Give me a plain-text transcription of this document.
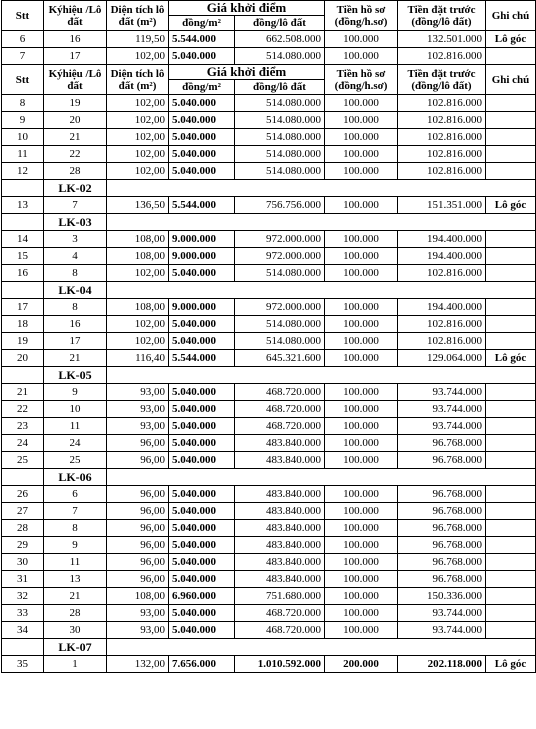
Stt	Kýhiệu /Lô đất	Diện tích lô đất (m²)	Giá khởi điểm		Tiền hồ sơ (đồng/h.sơ)	Tiền đặt trước (đồng/lô đất)	Ghi chú
			đồng/m²	đồng/lô đất			
6	16	119,50	5.544.000	662.508.000	100.000	132.501.000	Lô góc
7	17	102,00	5.040.000	514.080.000	100.000	102.816.000	
Stt	Kýhiệu /Lô đất	Diện tích lô đất (m²)	Giá khởi điểm		Tiền hồ sơ (đồng/h.sơ)	Tiền đặt trước (đồng/lô đất)	Ghi chú
			đồng/m²	đồng/lô đất			
8	19	102,00	5.040.000	514.080.000	100.000	102.816.000	
9	20	102,00	5.040.000	514.080.000	100.000	102.816.000	
10	21	102,00	5.040.000	514.080.000	100.000	102.816.000	
11	22	102,00	5.040.000	514.080.000	100.000	102.816.000	
12	28	102,00	5.040.000	514.080.000	100.000	102.816.000	
	LK-02						
13	7	136,50	5.544.000	756.756.000	100.000	151.351.000	Lô góc
	LK-03						
14	3	108,00	9.000.000	972.000.000	100.000	194.400.000	
15	4	108,00	9.000.000	972.000.000	100.000	194.400.000	
16	8	102,00	5.040.000	514.080.000	100.000	102.816.000	
	LK-04						
17	8	108,00	9.000.000	972.000.000	100.000	194.400.000	
18	16	102,00	5.040.000	514.080.000	100.000	102.816.000	
19	17	102,00	5.040.000	514.080.000	100.000	102.816.000	
20	21	116,40	5.544.000	645.321.600	100.000	129.064.000	Lô góc
	LK-05						
21	9	93,00	5.040.000	468.720.000	100.000	93.744.000	
22	10	93,00	5.040.000	468.720.000	100.000	93.744.000	
23	11	93,00	5.040.000	468.720.000	100.000	93.744.000	
24	24	96,00	5.040.000	483.840.000	100.000	96.768.000	
25	25	96,00	5.040.000	483.840.000	100.000	96.768.000	
	LK-06						
26	6	96,00	5.040.000	483.840.000	100.000	96.768.000	
27	7	96,00	5.040.000	483.840.000	100.000	96.768.000	
28	8	96,00	5.040.000	483.840.000	100.000	96.768.000	
29	9	96,00	5.040.000	483.840.000	100.000	96.768.000	
30	11	96,00	5.040.000	483.840.000	100.000	96.768.000	
31	13	96,00	5.040.000	483.840.000	100.000	96.768.000	
32	21	108,00	6.960.000	751.680.000	100.000	150.336.000	
33	28	93,00	5.040.000	468.720.000	100.000	93.744.000	
34	30	93,00	5.040.000	468.720.000	100.000	93.744.000	
	LK-07						
35	1	132,00	7.656.000	1.010.592.000	200.000	202.118.000	Lô góc
